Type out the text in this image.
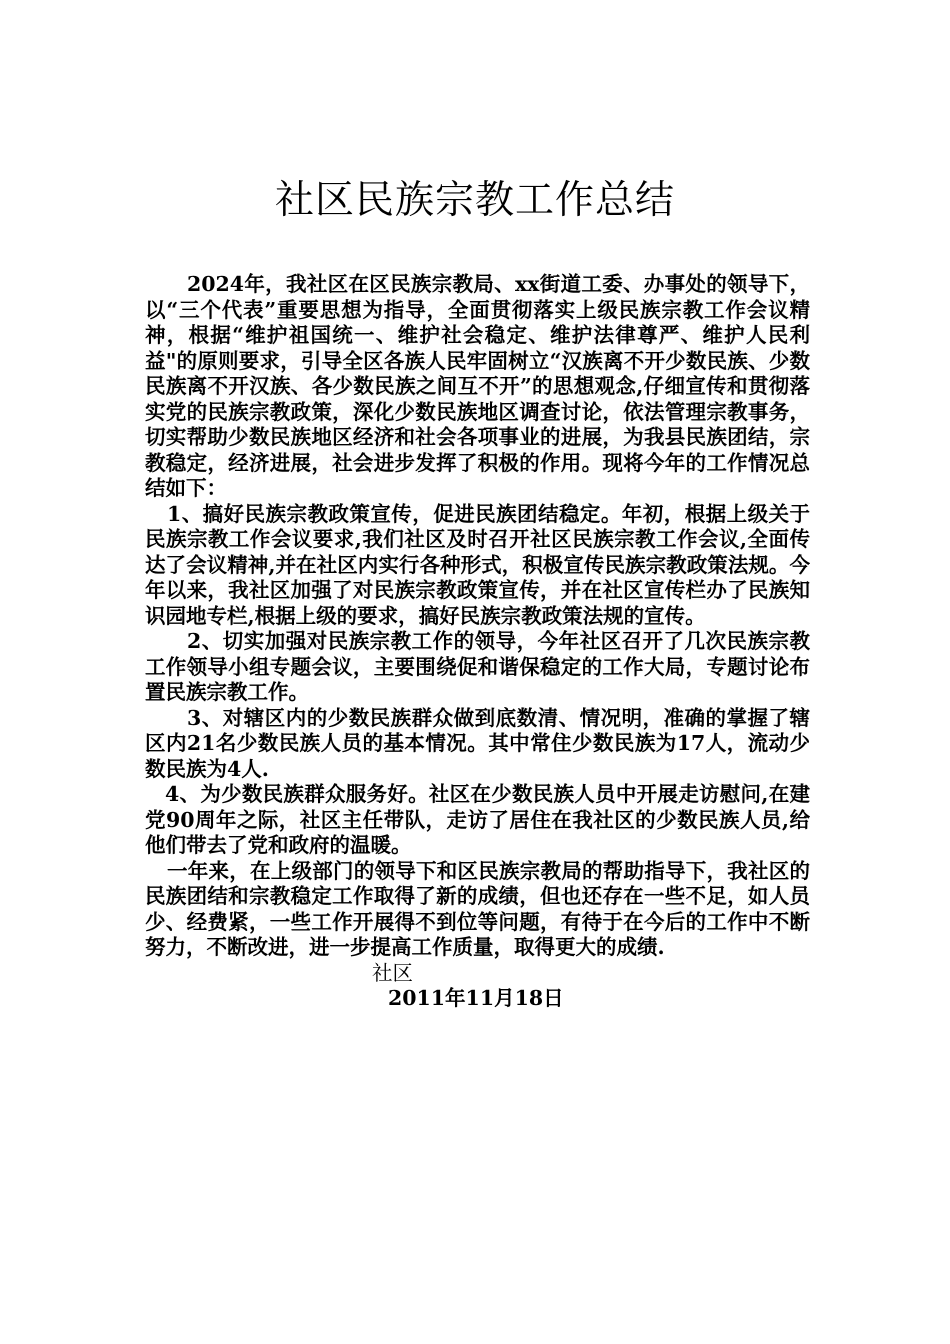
社区民族宗教工作总结

2024年，我社区在区民族宗教局、xx街道工委、办事处的领导下，以“三个代表”重要思想为指导，全面贯彻落实上级民族宗教工作会议精神，根据“维护祖国统一、维护社会稳定、维护法律尊严、维护人民利益"的原则要求，引导全区各族人民牢固树立“汉族离不开少数民族、少数民族离不开汉族、各少数民族之间互不开”的思想观念,仔细宣传和贯彻落实党的民族宗教政策，深化少数民族地区调查讨论，依法管理宗教事务，切实帮助少数民族地区经济和社会各项事业的进展，为我县民族团结，宗教稳定，经济进展，社会进步发挥了积极的作用。现将今年的工作情况总结如下：

1、搞好民族宗教政策宣传，促进民族团结稳定。年初，根据上级关于民族宗教工作会议要求,我们社区及时召开社区民族宗教工作会议,全面传达了会议精神,并在社区内实行各种形式，积极宣传民族宗教政策法规。今年以来，我社区加强了对民族宗教政策宣传，并在社区宣传栏办了民族知识园地专栏,根据上级的要求，搞好民族宗教政策法规的宣传。

2、切实加强对民族宗教工作的领导，今年社区召开了几次民族宗教工作领导小组专题会议，主要围绕促和谐保稳定的工作大局，专题讨论布置民族宗教工作。

3、对辖区内的少数民族群众做到底数清、情况明，准确的掌握了辖区内21名少数民族人员的基本情况。其中常住少数民族为17人，流动少数民族为4人.

4、为少数民族群众服务好。社区在少数民族人员中开展走访慰问,在建党90周年之际，社区主任带队，走访了居住在我社区的少数民族人员,给他们带去了党和政府的温暖。

一年来，在上级部门的领导下和区民族宗教局的帮助指导下，我社区的民族团结和宗教稳定工作取得了新的成绩，但也还存在一些不足，如人员少、经费紧，一些工作开展得不到位等问题，有待于在今后的工作中不断努力，不断改进，进一步提高工作质量，取得更大的成绩.

社区
2011年11月18日
